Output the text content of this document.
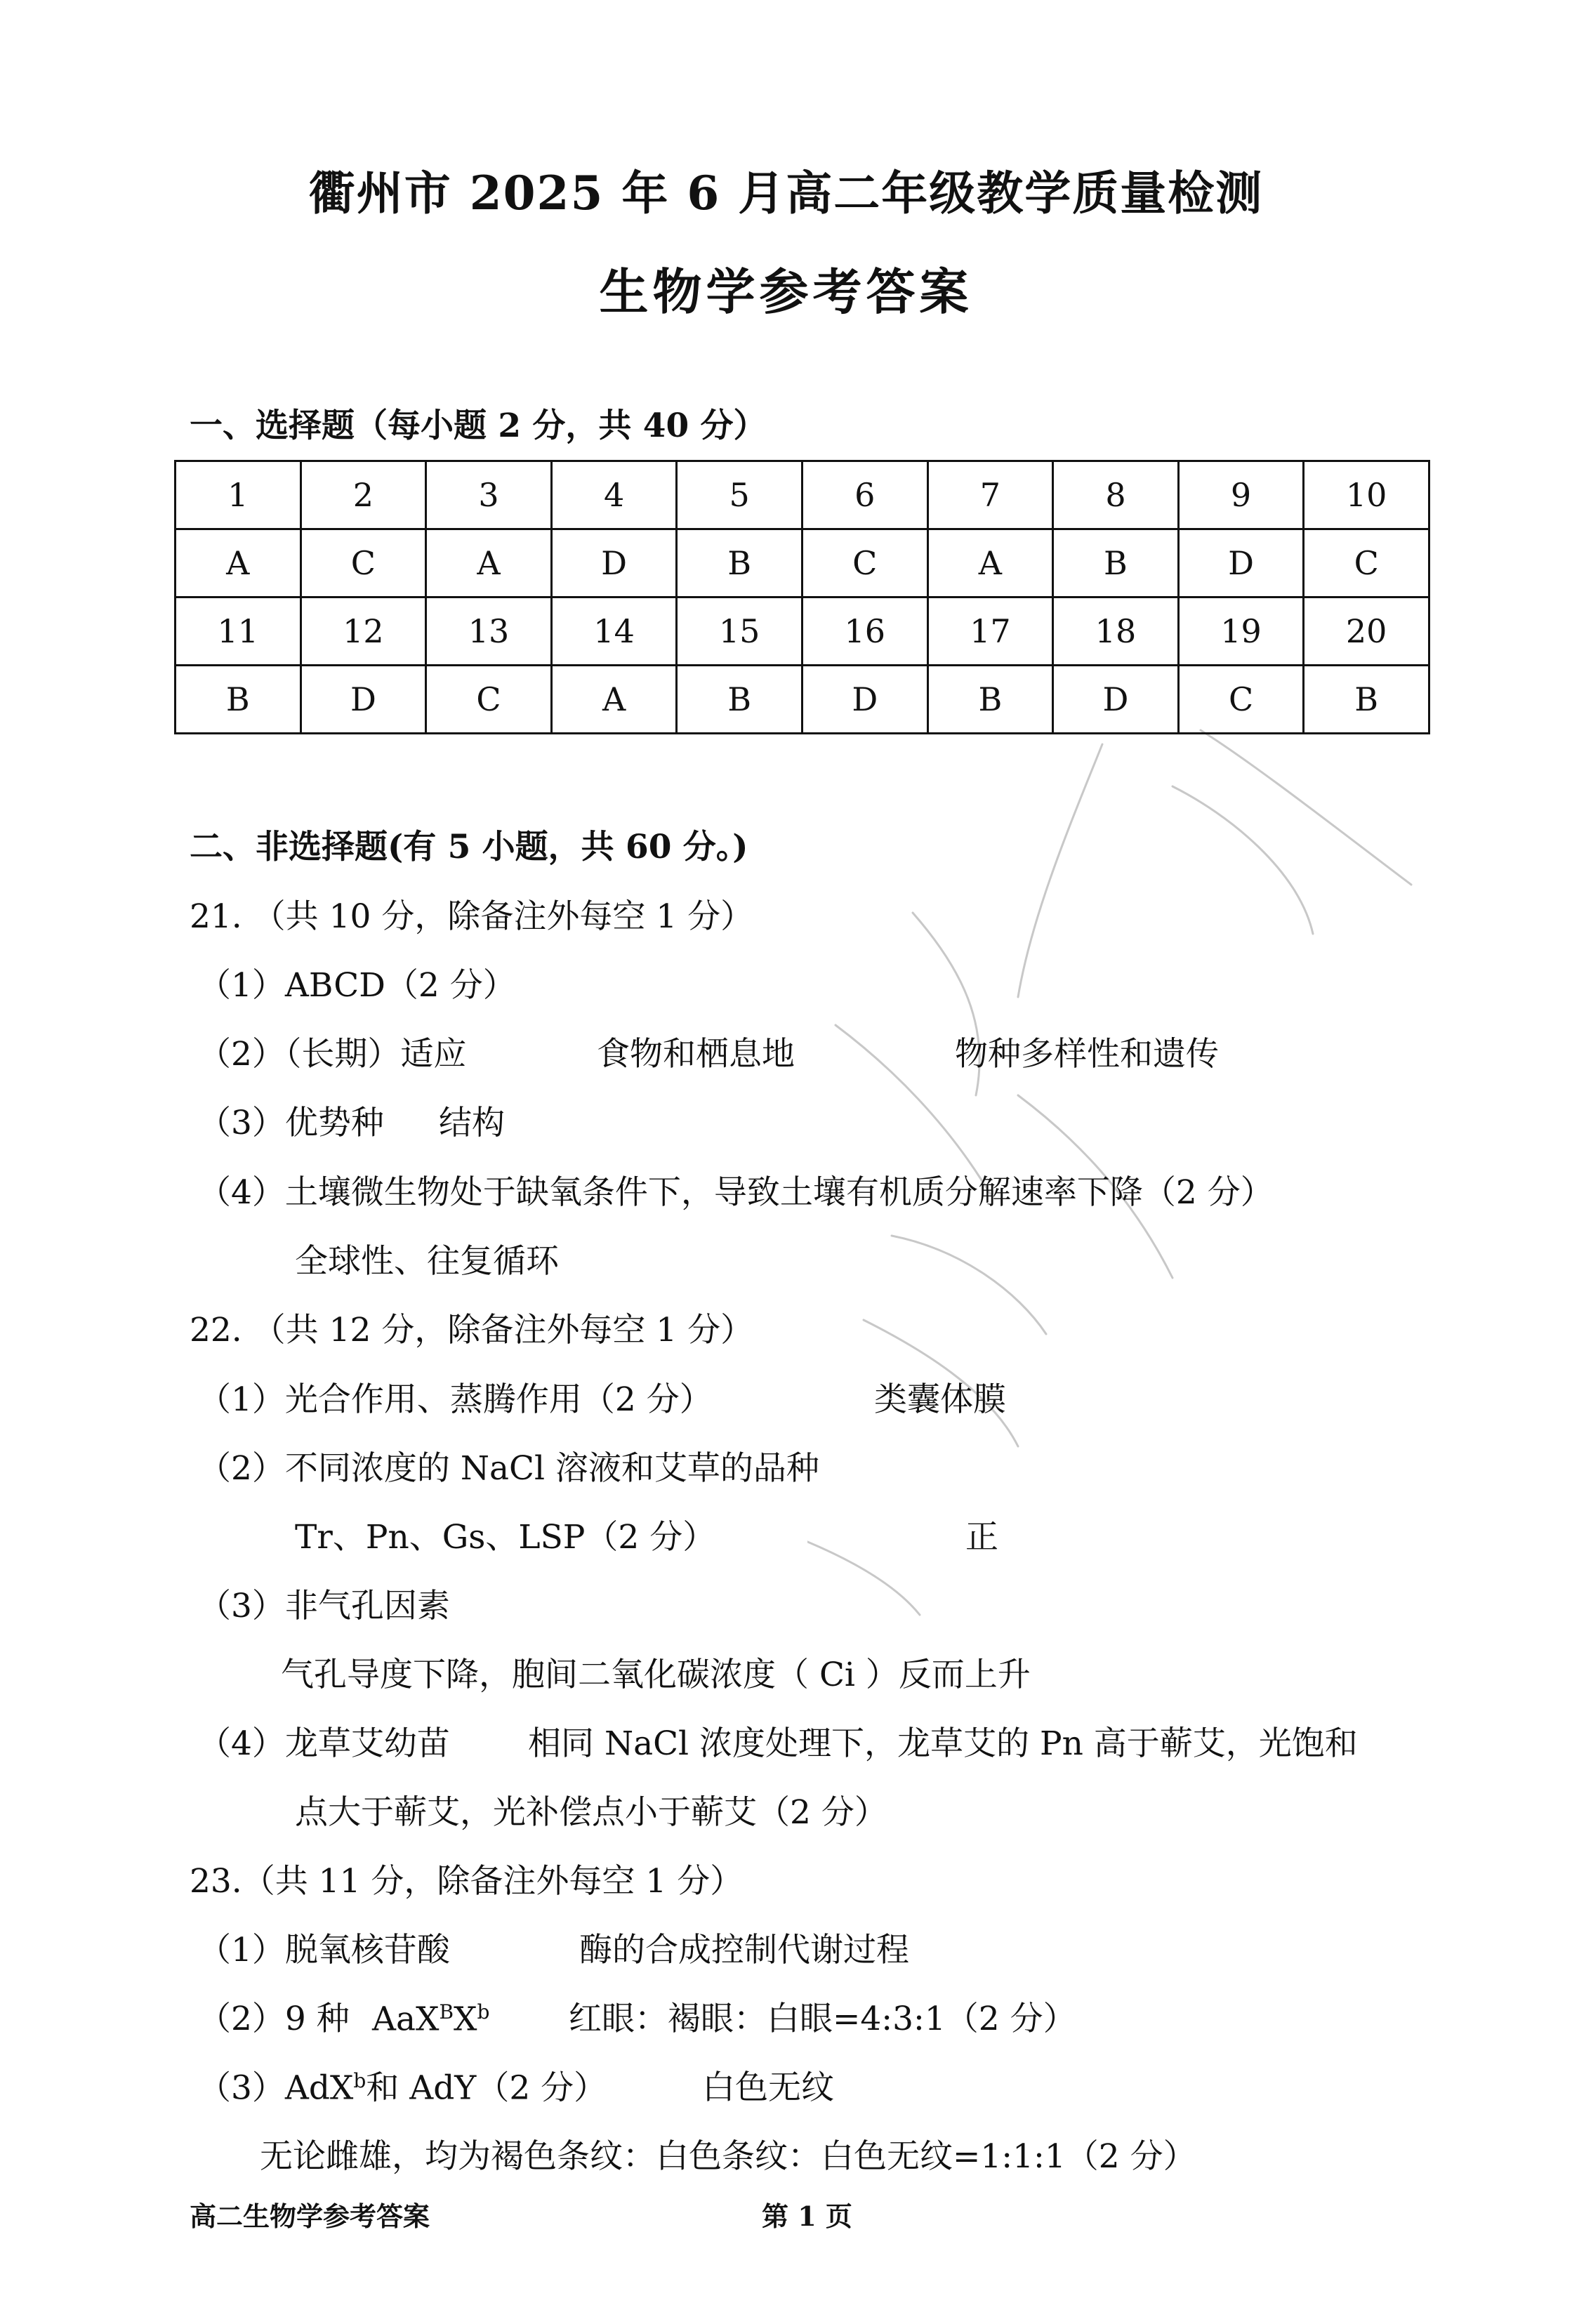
衢州市 2025 年 6 月高二年级教学质量检测
生物学参考答案
一、选择题（每小题 2 分，共 40 分）
1	2	3	4	5	6	7	8	9	10
A	C	A	D	B	C	A	B	D	C
11	12	13	14	15	16	17	18	19	20
B	D	C	A	B	D	B	D	C	B
二、非选择题(有 5 小题，共 60 分。)
21. （共 10 分，除备注外每空 1 分）
（1）ABCD（2 分）
（2）（长期）适应	食物和栖息地	物种多样性和遗传
（3）优势种 结构
（4）土壤微生物处于缺氧条件下，导致土壤有机质分解速率下降（2 分）
全球性、往复循环
22. （共 12 分，除备注外每空 1 分）
（1）光合作用、蒸腾作用（2 分）	类囊体膜
（2）不同浓度的 NaCl 溶液和艾草的品种
Tr、Pn、Gs、LSP（2 分）	正
（3）非气孔因素
气孔导度下降，胞间二氧化碳浓度（ Ci ）反而上升
（4）龙草艾幼苗 相同 NaCl 浓度处理下，龙草艾的 Pn 高于蕲艾，光饱和
点大于蕲艾，光补偿点小于蕲艾（2 分）
23.（共 11 分，除备注外每空 1 分）
（1）脱氧核苷酸	酶的合成控制代谢过程
（2）9 种 $AaX^BX^b$ 红眼：褐眼：白眼=4:3:1（2 分）
（3）AdX$^b$和 AdY（2 分）	白色无纹
无论雌雄，均为褐色条纹：白色条纹：白色无纹=1:1:1（2 分）
高二生物学参考答案	第 1 页
